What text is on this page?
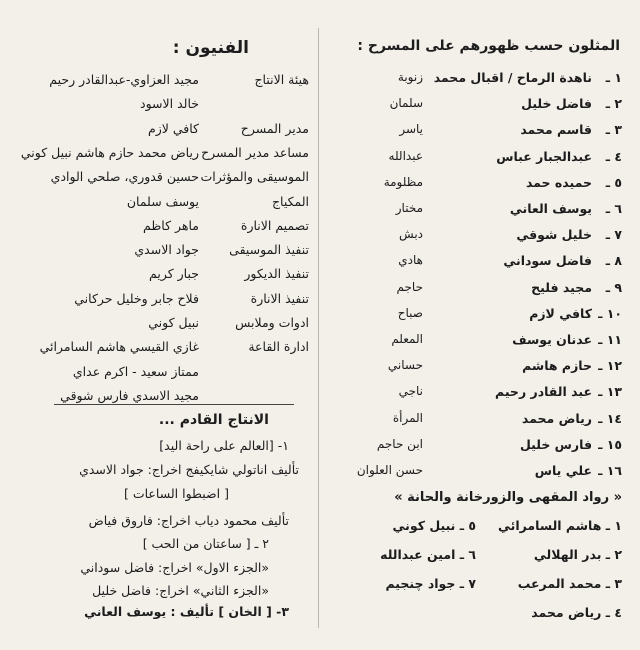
المثلون حسب ظهورهم على المسرح :
١ ـ
ناهدة الرماح / اقبال محمد
زنوبة
٢ ـ
فاضل خليل
سلمان
٣ ـ
قاسم محمد
ياسر
٤ ـ
عبدالجبار عباس
عبدالله
٥ ـ
حميده حمد
مظلومة
٦ ـ
يوسف العاني
مختار
٧ ـ
خليل شوقي
دبش
٨ ـ
فاضل سوداني
هادي
٩ ـ
مجيد فليح
حاجم
١٠ ـ
كافي لازم
صباح
١١ ـ
عدنان يوسف
المعلم
١٢ ـ
حازم هاشم
حساني
١٣ ـ
عبد القادر رحيم
ناجي
١٤ ـ
رياض محمد
المرأة
١٥ ـ
فارس خليل
ابن حاجم
١٦ ـ
علي ياس
حسن العلوان
« رواد المقهى والزورخانة والحانة »
١ ـ هاشم السامرائي
٥ ـ نبيل كوني
٢ ـ بدر الهلالي
٦ ـ امين عبدالله
٣ ـ محمد المرعب
٧ ـ جواد چنجيم
٤ ـ رياض محمد
الفنيون :
هيئة الانتاج
مجيد العزاوي-عبدالقادر رحيم
خالد الاسود
مدير المسرح
كافي لازم
مساعد مدير المسرح
رياض محمد حازم هاشم نبيل كوني
الموسيقى والمؤثرات
حسين قدوري، صلحي الوادي
المكياج
يوسف سلمان
تصميم الانارة
ماهر كاظم
تنفيذ الموسيقى
جواد الاسدي
تنفيذ الديكور
جبار كريم
تنفيذ الانارة
فلاح جابر وخليل حركاني
ادوات وملابس
نبيل كوني
ادارة القاعة
غازي القيسي هاشم السامرائي
ممتاز سعيد - اكرم عداي
مجيد الاسدي فارس شوقي
الانتاج القادم ...
١- [العالم على راحة اليد]
تأليف اناتولي شايكيفج اخراج: جواد الاسدي
[ اضبطوا الساعات ]
تأليف محمود دياب اخراج: فاروق فياض
٢ ـ [ ساعتان من الحب ]
«الجزء الاول» اخراج: فاضل سوداني
«الجزء الثاني» اخراج: فاضل خليل
٣- [ الخان ] تأليف : يوسف العاني
